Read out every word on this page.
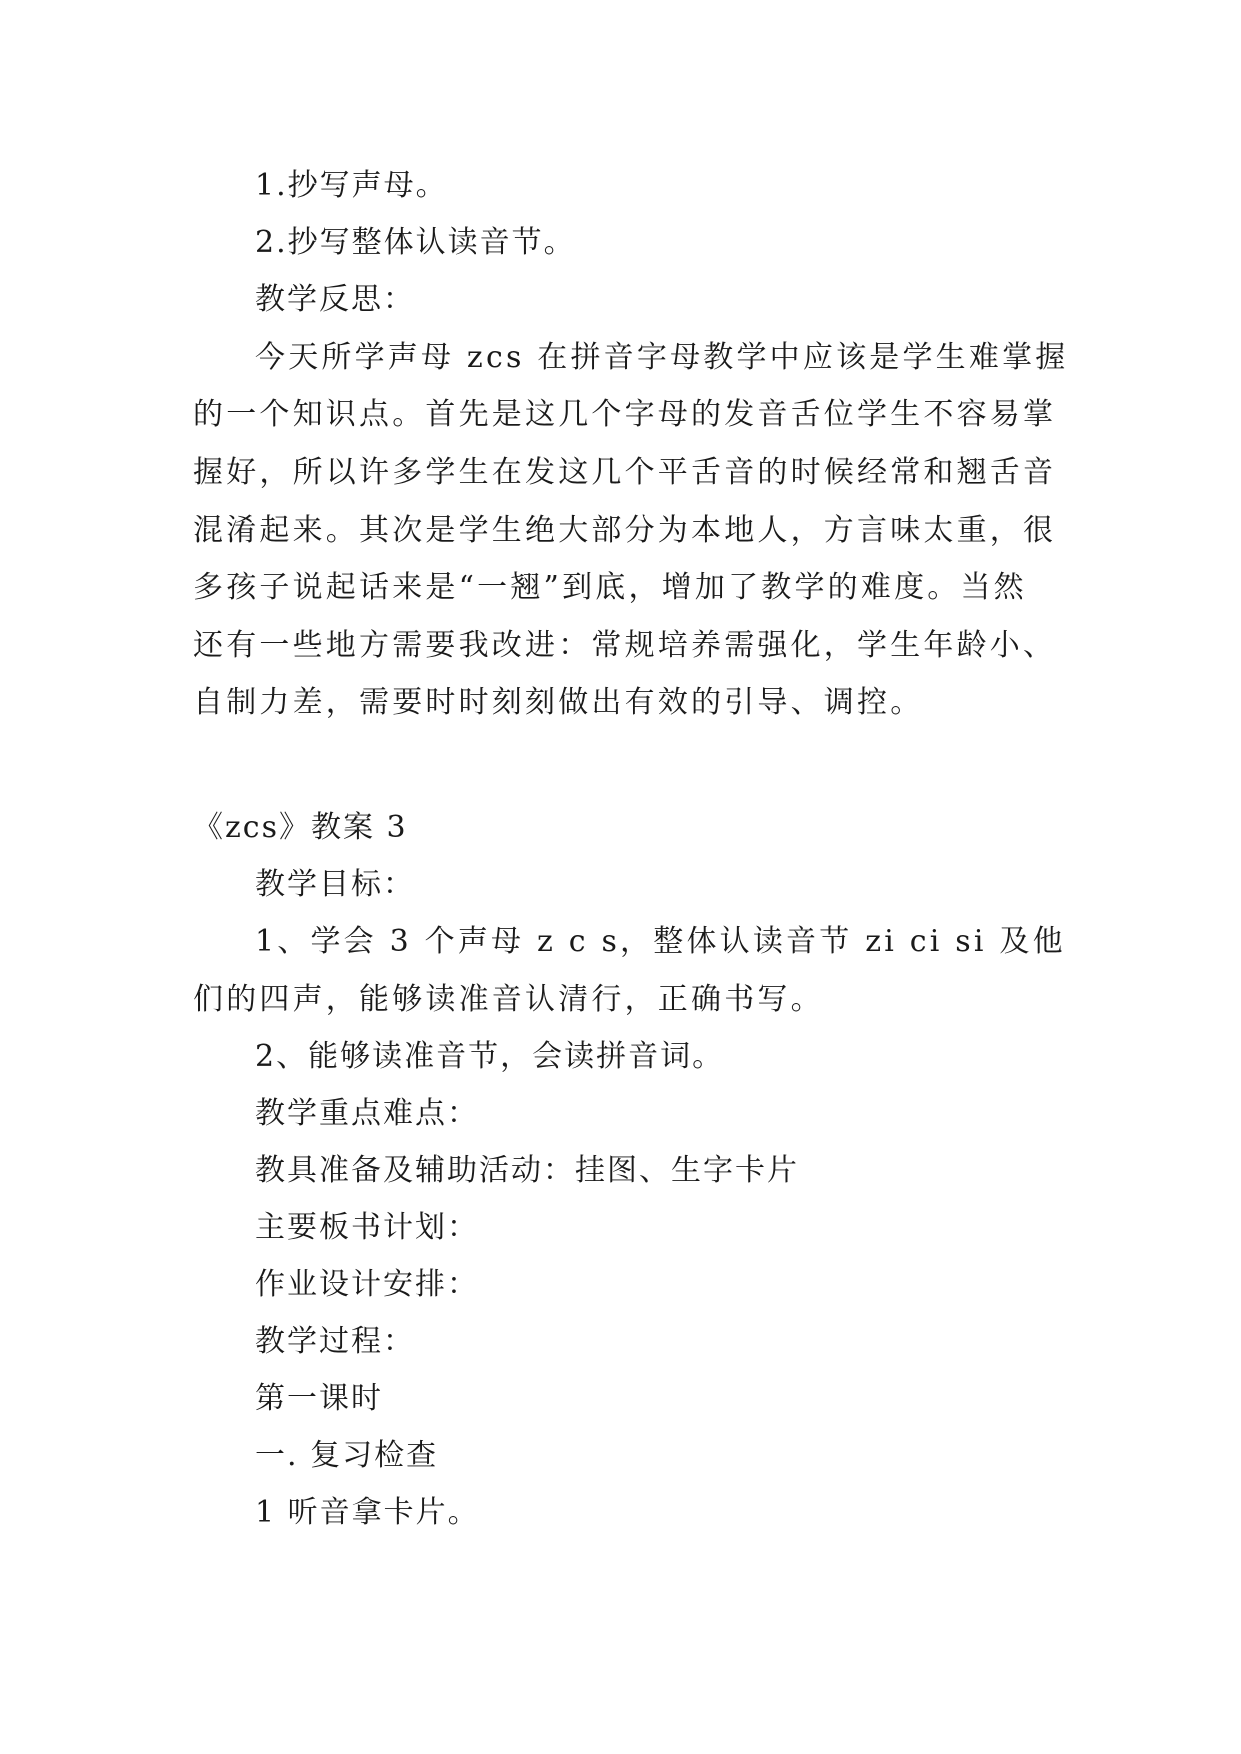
1.抄写声母。
2.抄写整体认读音节。
教学反思：
今天所学声母 zcs 在拼音字母教学中应该是学生难掌握
的一个知识点。首先是这几个字母的发音舌位学生不容易掌
握好，所以许多学生在发这几个平舌音的时候经常和翘舌音
混淆起来。其次是学生绝大部分为本地人，方言味太重，很
多孩子说起话来是“一翘”到底，增加了教学的难度。当然
还有一些地方需要我改进：常规培养需强化，学生年龄小、
自制力差，需要时时刻刻做出有效的引导、调控。
《zcs》教案 3
教学目标：
1、学会 3 个声母 z c s，整体认读音节 zi ci si 及他
们的四声，能够读准音认清行，正确书写。
2、能够读准音节，会读拼音词。
教学重点难点：
教具准备及辅助活动：挂图、生字卡片
主要板书计划：
作业设计安排：
教学过程：
第一课时
一. 复习检查
1 听音拿卡片。
